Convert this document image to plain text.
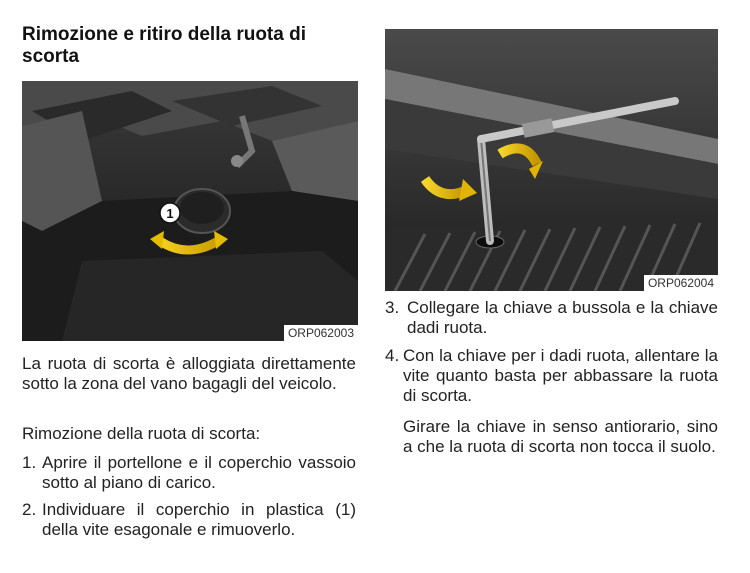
Rimozione e ritiro della ruota di scorta
1
ORP062003
ORP062004
La ruota di scorta è alloggiata direttamente sotto la zona del vano bagagli del veicolo.
Rimozione della ruota di scorta:
1. Aprire il portellone e il coperchio vassoio sotto al piano di carico.
2. Individuare il coperchio in plastica (1) della vite esagonale e rimuoverlo.
3. Collegare la chiave a bussola e la chiave dadi ruota.
4. Con la chiave per i dadi ruota, allentare la vite quanto basta per abbassare la ruota di scorta.
Girare la chiave in senso antiorario, sino a che la ruota di scorta non tocca il suolo.
